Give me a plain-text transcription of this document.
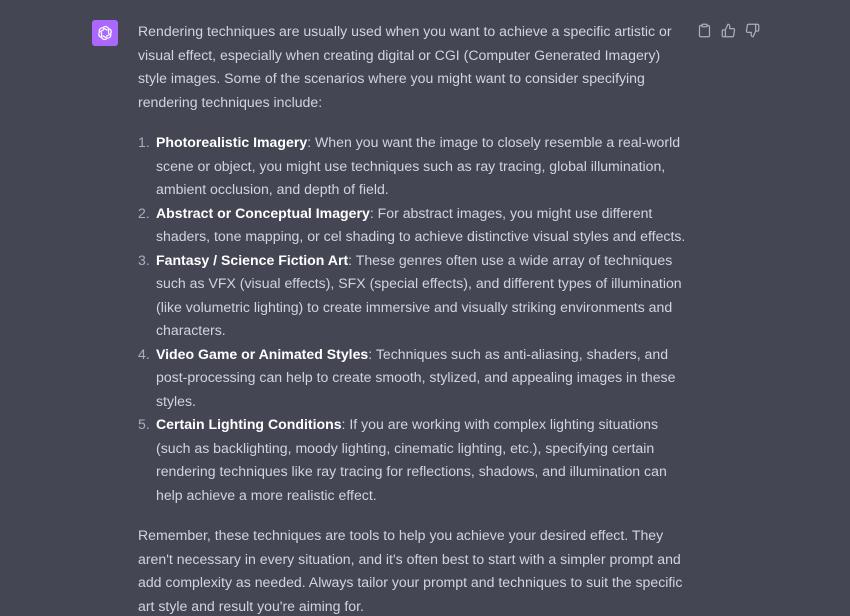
Rendering techniques are usually used when you want to achieve a specific artistic or visual effect, especially when creating digital or CGI (Computer Generated Imagery) style images. Some of the scenarios where you might want to consider specifying rendering techniques include:

1. Photorealistic Imagery: When you want the image to closely resemble a real-world scene or object, you might use techniques such as ray tracing, global illumination, ambient occlusion, and depth of field.
2. Abstract or Conceptual Imagery: For abstract images, you might use different shaders, tone mapping, or cel shading to achieve distinctive visual styles and effects.
3. Fantasy / Science Fiction Art: These genres often use a wide array of techniques such as VFX (visual effects), SFX (special effects), and different types of illumination (like volumetric lighting) to create immersive and visually striking environments and characters.
4. Video Game or Animated Styles: Techniques such as anti-aliasing, shaders, and post-processing can help to create smooth, stylized, and appealing images in these styles.
5. Certain Lighting Conditions: If you are working with complex lighting situations (such as backlighting, moody lighting, cinematic lighting, etc.), specifying certain rendering techniques like ray tracing for reflections, shadows, and illumination can help achieve a more realistic effect.

Remember, these techniques are tools to help you achieve your desired effect. They aren't necessary in every situation, and it's often best to start with a simpler prompt and add complexity as needed. Always tailor your prompt and techniques to suit the specific art style and result you're aiming for.
